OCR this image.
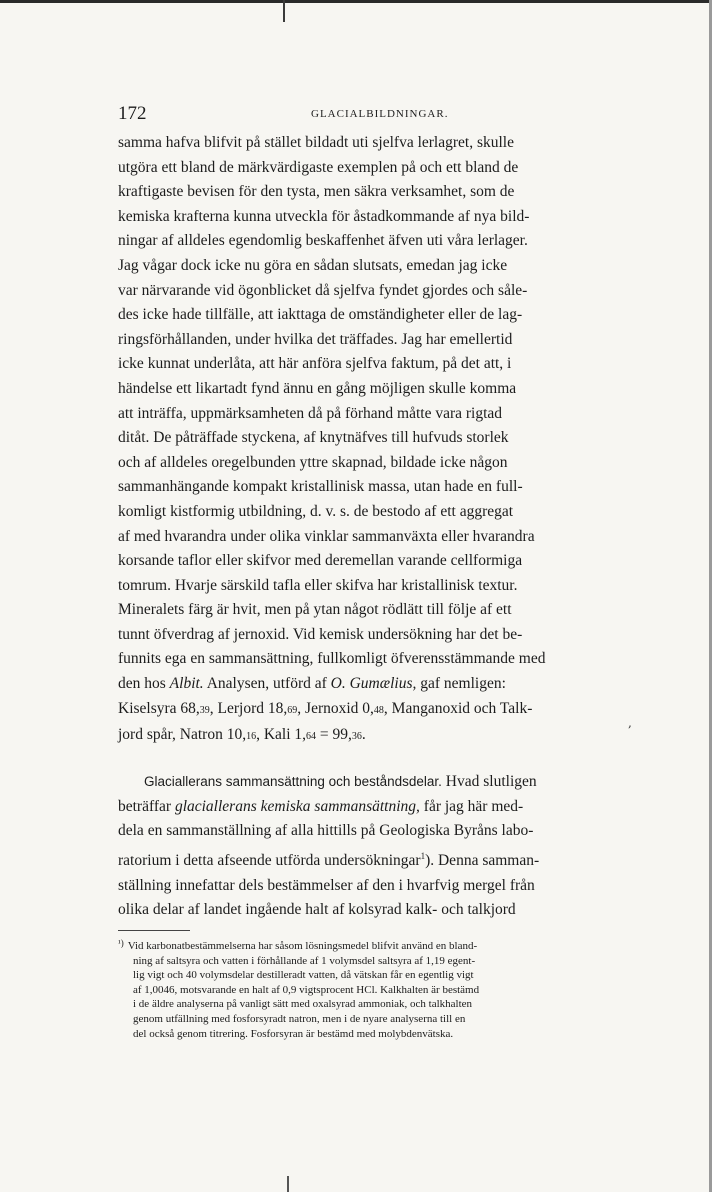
172	GLACIALBILDNINGAR.
samma hafva blifvit på stället bildadt uti sjelfva lerlagret, skulle
utgöra ett bland de märkvärdigaste exemplen på och ett bland de
kraftigaste bevisen för den tysta, men säkra verksamhet, som de
kemiska krafterna kunna utveckla för åstadkommande af nya bild-
ningar af alldeles egendomlig beskaffenhet äfven uti våra lerlager.
Jag vågar dock icke nu göra en sådan slutsats, emedan jag icke
var närvarande vid ögonblicket då sjelfva fyndet gjordes och såle-
des icke hade tillfälle, att iakttaga de omständigheter eller de lag-
ringsförhållanden, under hvilka det träffades. Jag har emellertid
icke kunnat underlåta, att här anföra sjelfva faktum, på det att, i
händelse ett likartadt fynd ännu en gång möjligen skulle komma
att inträffa, uppmärksamheten då på förhand måtte vara rigtad
ditåt. De påträffade styckena, af knytnäfves till hufvuds storlek
och af alldeles oregelbunden yttre skapnad, bildade icke någon
sammanhängande kompakt kristallinisk massa, utan hade en full-
komligt kistformig utbildning, d. v. s. de bestodo af ett aggregat
af med hvarandra under olika vinklar sammanväxta eller hvarandra
korsande taflor eller skifvor med deremellan varande cellformiga
tomrum. Hvarje särskild tafla eller skifva har kristallinisk textur.
Mineralets färg är hvit, men på ytan något rödlätt till följe af ett
tunnt öfverdrag af jernoxid. Vid kemisk undersökning har det be-
funnits ega en sammansättning, fullkomligt öfverensstämmande med
den hos Albit. Analysen, utförd af O. Gumælius, gaf nemligen:
Kiselsyra 68,39, Lerjord 18,69, Jernoxid 0,48, Manganoxid och Talk-
jord spår, Natron 10,16, Kali 1,64 = 99,36.
,
Glaciallerans sammansättning och beståndsdelar. Hvad slutligen
beträffar glaciallerans kemiska sammansättning, får jag här med-
dela en sammanställning af alla hittills på Geologiska Byråns labo-
ratorium i detta afseende utförda undersökningar$^1$). Denna samman-
ställning innefattar dels bestämmelser af den i hvarfvig mergel från
olika delar af landet ingående halt af kolsyrad kalk- och talkjord
$^{^1)}$ Vid karbonatbestämmelserna har såsom lösningsmedel blifvit använd en bland-
ning af saltsyra och vatten i förhållande af 1 volymsdel saltsyra af 1,19 egent-
lig vigt och 40 volymsdelar destilleradt vatten, då vätskan får en egentlig vigt
af 1,0046, motsvarande en halt af 0,9 vigtsprocent HCl. Kalkhalten är bestämd
i de äldre analyserna på vanligt sätt med oxalsyrad ammoniak, och talkhalten
genom utfällning med fosforsyradt natron, men i de nyare analyserna till en
del också genom titrering. Fosforsyran är bestämd med molybdenvätska.
